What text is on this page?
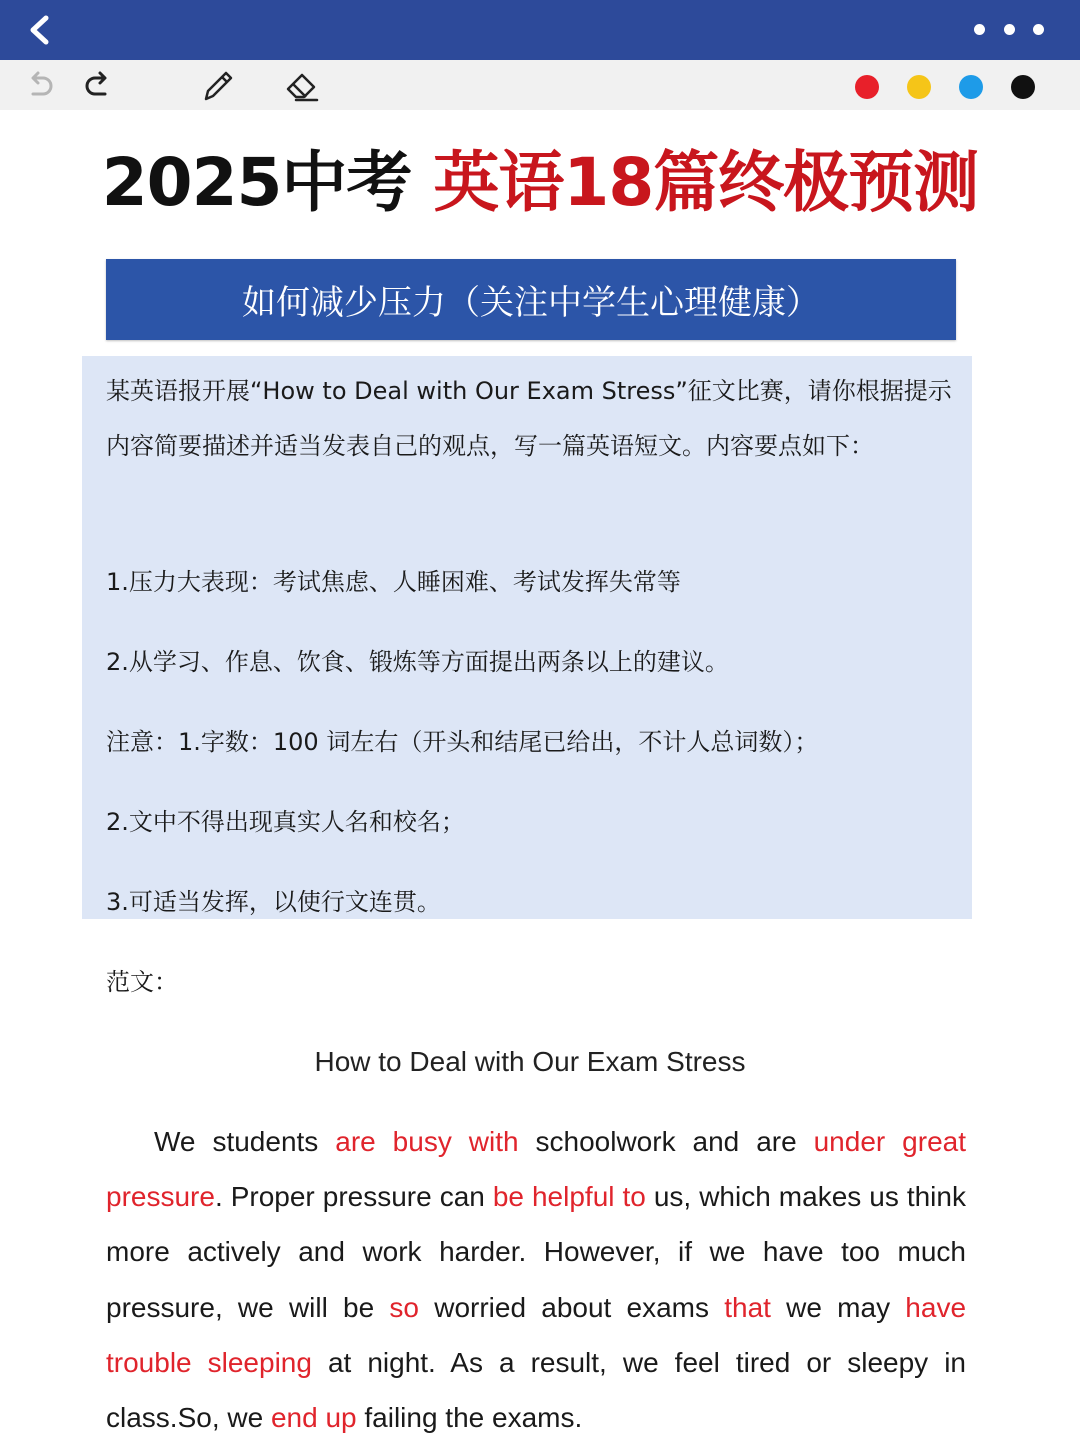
2025中考 英语18篇终极预测
如何减少压力（关注中学生心理健康）

某英语报开展“How to Deal with Our Exam Stress”征文比赛，请你根据提示内容简要描述并适当发表自己的观点，写一篇英语短文。内容要点如下：

1.压力大表现：考试焦虑、人睡困难、考试发挥失常等

2.从学习、作息、饮食、锻炼等方面提出两条以上的建议。

注意：1.字数：100 词左右（开头和结尾已给出，不计人总词数）；

2.文中不得出现真实人名和校名；

3.可适当发挥，以使行文连贯。

范文：
How to Deal with Our Exam Stress

We students are busy with schoolwork and are under great pressure. Proper pressure can be helpful to us, which makes us think more actively and work harder. However, if we have too much pressure, we will be so worried about exams that we may have trouble sleeping at night. As a result, we feel tired or sleepy in class.So, we end up failing the exams.
